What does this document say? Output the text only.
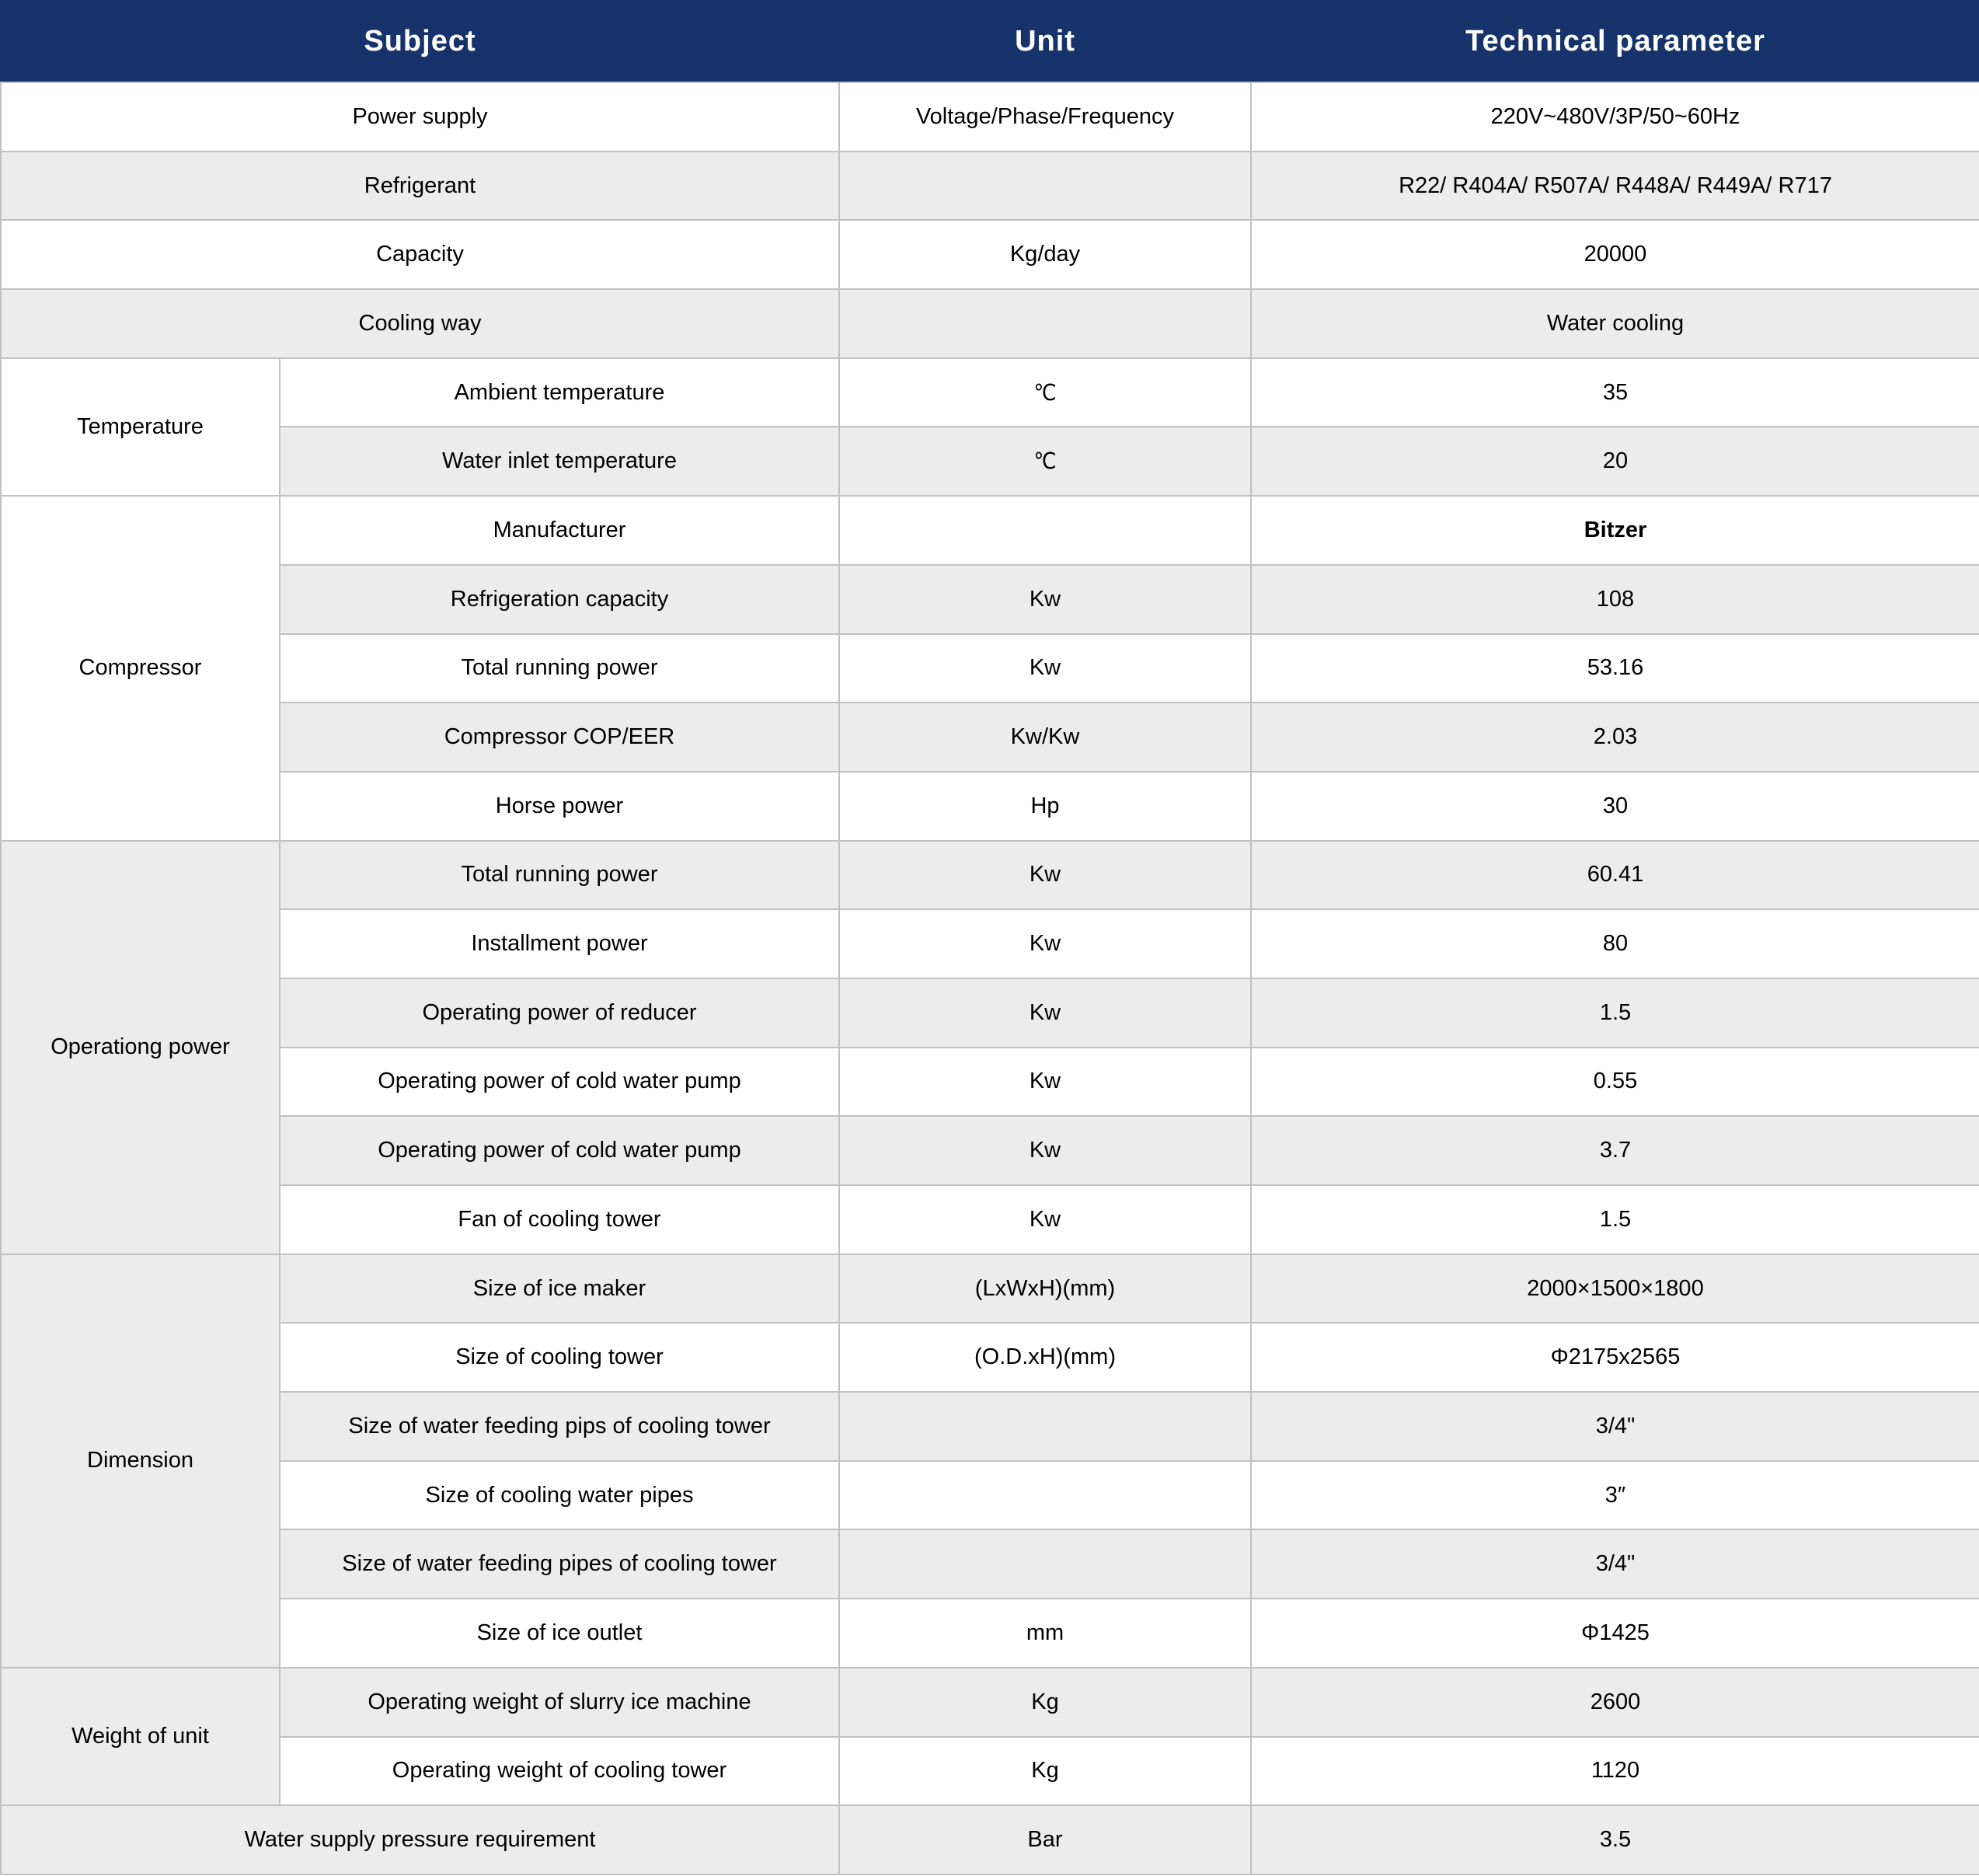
Subject		Unit	Technical parameter
Power supply		Voltage/Phase/Frequency	220V~480V/3P/50~60Hz
Refrigerant			R22/ R404A/ R507A/ R448A/ R449A/ R717
Capacity		Kg/day	20000
Cooling way			Water cooling
Temperature	Ambient temperature	℃	35
	Water inlet temperature	℃	20
Compressor	Manufacturer		Bitzer
	Refrigeration capacity	Kw	108
	Total running power	Kw	53.16
	Compressor COP/EER	Kw/Kw	2.03
	Horse power	Hp	30
Operationg power	Total running power	Kw	60.41
	Installment power	Kw	80
	Operating power of reducer	Kw	1.5
	Operating power of cold water pump	Kw	0.55
	Operating power of cold water pump	Kw	3.7
	Fan of cooling tower	Kw	1.5
Dimension	Size of ice maker	(LxWxH)(mm)	2000×1500×1800
	Size of cooling tower	(O.D.xH)(mm)	Φ2175x2565
	Size of water feeding pips of cooling tower		3/4"
	Size of cooling water pipes		3″
	Size of water feeding pipes of cooling tower		3/4"
	Size of ice outlet	mm	Φ1425
Weight of unit	Operating weight of slurry ice machine	Kg	2600
	Operating weight of cooling tower	Kg	1120
Water supply pressure requirement		Bar	3.5
